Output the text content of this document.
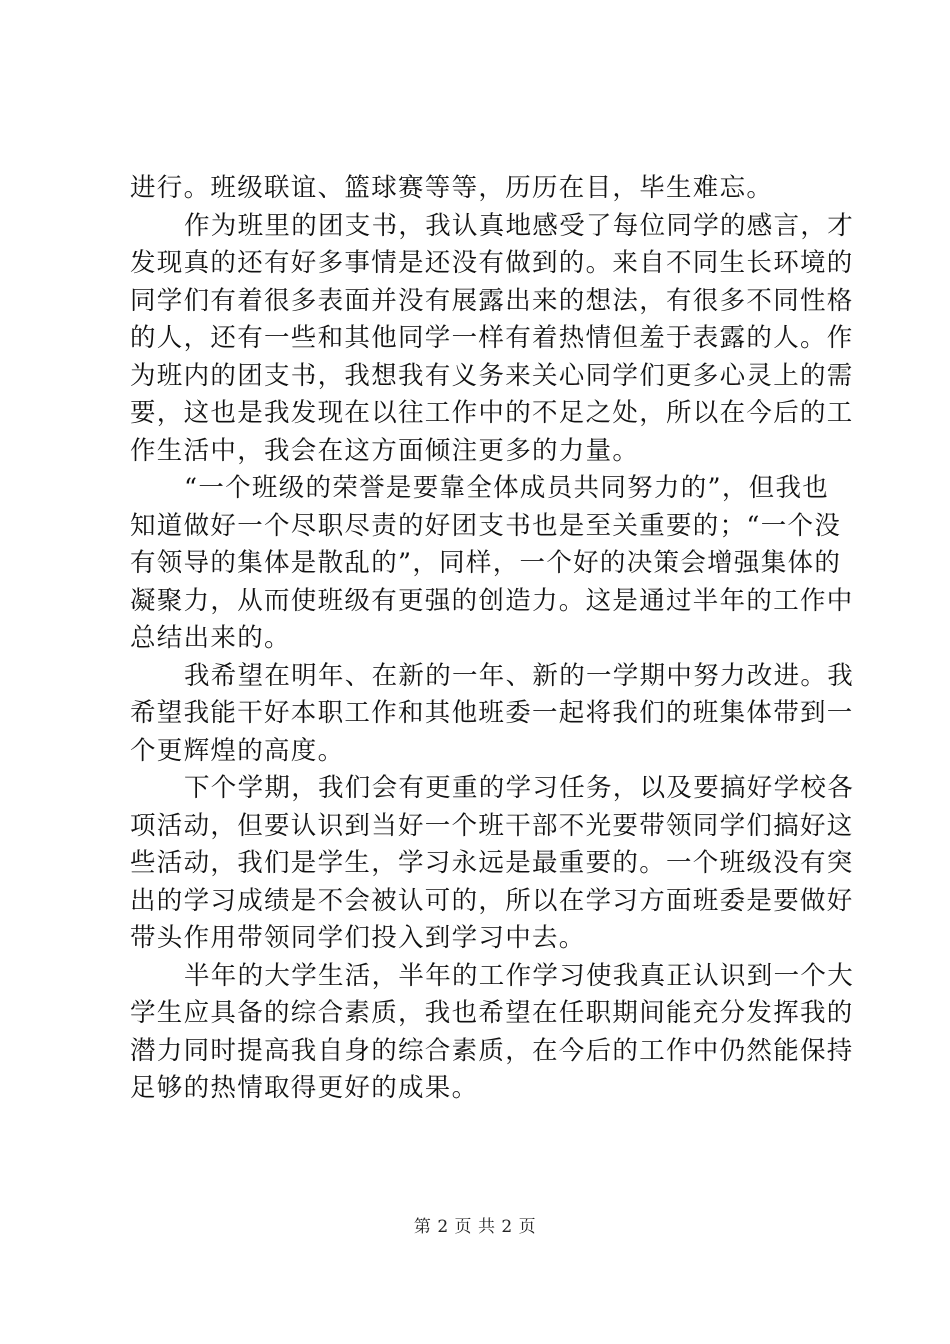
进行。班级联谊、篮球赛等等，历历在目，毕生难忘。
作为班里的团支书，我认真地感受了每位同学的感言，才
发现真的还有好多事情是还没有做到的。来自不同生长环境的
同学们有着很多表面并没有展露出来的想法，有很多不同性格
的人，还有一些和其他同学一样有着热情但羞于表露的人。作
为班内的团支书，我想我有义务来关心同学们更多心灵上的需
要，这也是我发现在以往工作中的不足之处，所以在今后的工
作生活中，我会在这方面倾注更多的力量。
“一个班级的荣誉是要靠全体成员共同努力的”，但我也
知道做好一个尽职尽责的好团支书也是至关重要的；“一个没
有领导的集体是散乱的”，同样，一个好的决策会增强集体的
凝聚力，从而使班级有更强的创造力。这是通过半年的工作中
总结出来的。
我希望在明年、在新的一年、新的一学期中努力改进。我
希望我能干好本职工作和其他班委一起将我们的班集体带到一
个更辉煌的高度。
下个学期，我们会有更重的学习任务，以及要搞好学校各
项活动，但要认识到当好一个班干部不光要带领同学们搞好这
些活动，我们是学生，学习永远是最重要的。一个班级没有突
出的学习成绩是不会被认可的，所以在学习方面班委是要做好
带头作用带领同学们投入到学习中去。
半年的大学生活，半年的工作学习使我真正认识到一个大
学生应具备的综合素质，我也希望在任职期间能充分发挥我的
潜力同时提高我自身的综合素质，在今后的工作中仍然能保持
足够的热情取得更好的成果。
第 2 页 共 2 页
